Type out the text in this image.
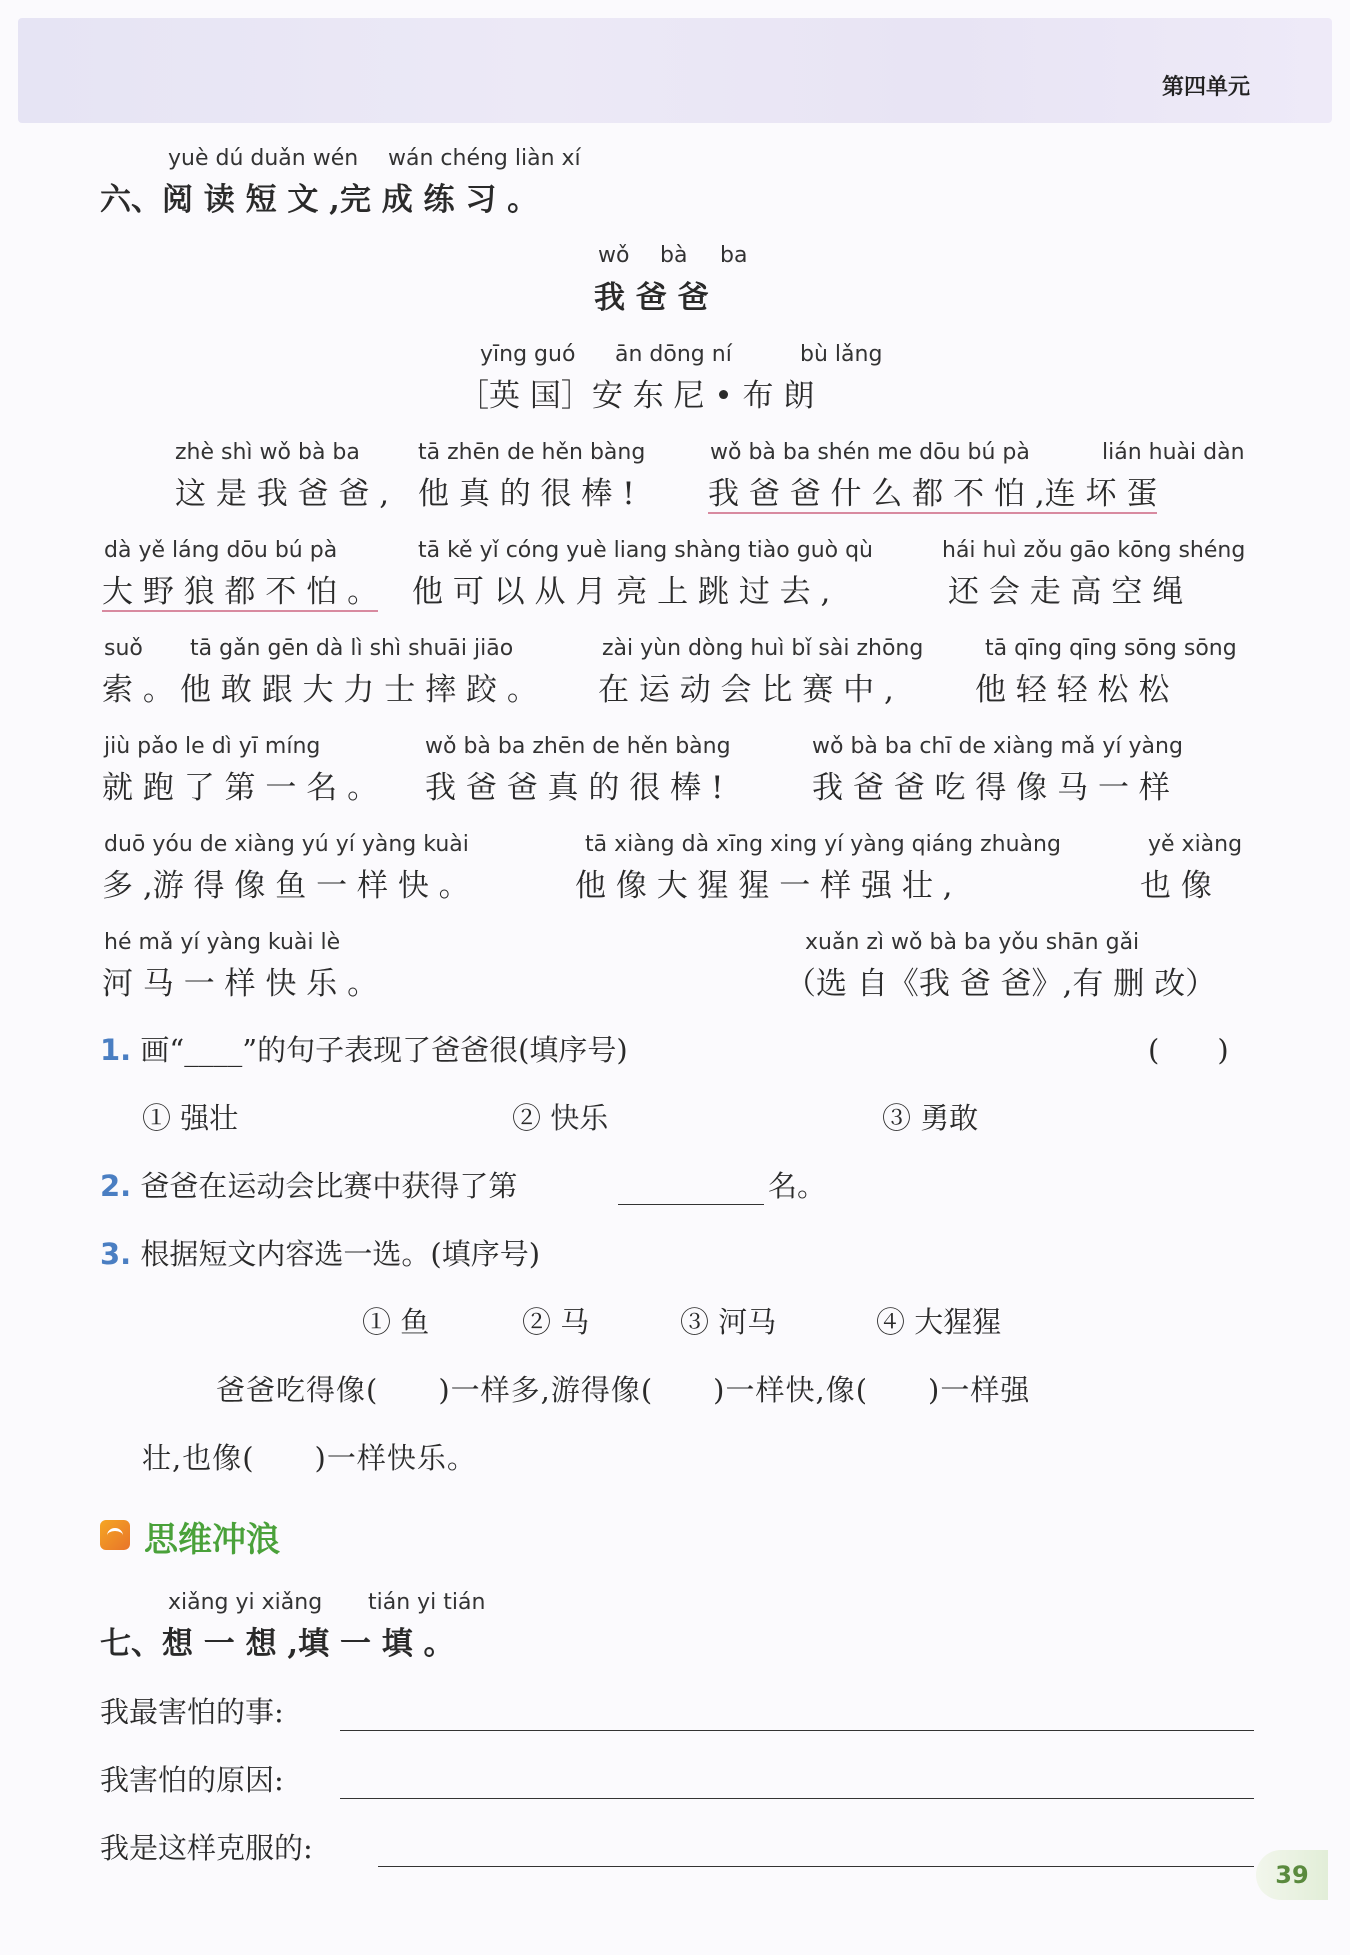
第四单元
yuè dú duǎn wén wán chéng liàn xí
六、阅 读 短 文 ,完 成 练 习 。
wǒ bà ba
我 爸 爸
yīng guó ān dōng ní	bù lǎng
［英 国］安 东 尼 • 布 朗
zhè shì wǒ bà ba	tā zhēn de hěn bàng	wǒ bà ba shén me dōu bú pà	lián huài dàn
这 是 我 爸 爸 , 他 真 的 很 棒 ! 我 爸 爸 什 么 都 不 怕 ,连 坏 蛋
dà yě láng dōu bú pà	tā kě yǐ cóng yuè liang shàng tiào guò qù	hái huì zǒu gāo kōng shéng
大 野 狼 都 不 怕 。 他 可 以 从 月 亮 上 跳 过 去 ,	还 会 走 高 空 绳
suǒ tā gǎn gēn dà lì shì shuāi jiāo	zài yùn dòng huì bǐ sài zhōng	tā qīng qīng sōng sōng
索 。 他 敢 跟 大 力 士 摔 跤 。 在 运 动 会 比 赛 中 ,	他 轻 轻 松 松
jiù pǎo le dì yī míng	wǒ bà ba zhēn de hěn bàng	wǒ bà ba chī de xiàng mǎ yí yàng
就 跑 了 第 一 名 。 我 爸 爸 真 的 很 棒 !	我 爸 爸 吃 得 像 马 一 样
duō yóu de xiàng yú yí yàng kuài	tā xiàng dà xīng xing yí yàng qiáng zhuàng	yě xiàng
多 ,游 得 像 鱼 一 样 快 。	他 像 大 猩 猩 一 样 强 壮 ,	也 像
hé mǎ yí yàng kuài lè	xuǎn zì wǒ bà ba yǒu shān gǎi
河 马 一 样 快 乐 。	（选 自《我 爸 爸》,有 删 改）
1. 画“____”的句子表现了爸爸很(填序号)	(　　)
① 强壮	② 快乐	③ 勇敢
2. 爸爸在运动会比赛中获得了第	名。
3. 根据短文内容选一选。(填序号)
① 鱼	② 马	③ 河马	④ 大猩猩
爸爸吃得像(　　)一样多,游得像(　　)一样快,像(　　)一样强
壮,也像(　　)一样快乐。
思维冲浪
xiǎng yi xiǎng tián yi tián
七、想 一 想 ,填 一 填 。
我最害怕的事:
我害怕的原因:
我是这样克服的:
39
